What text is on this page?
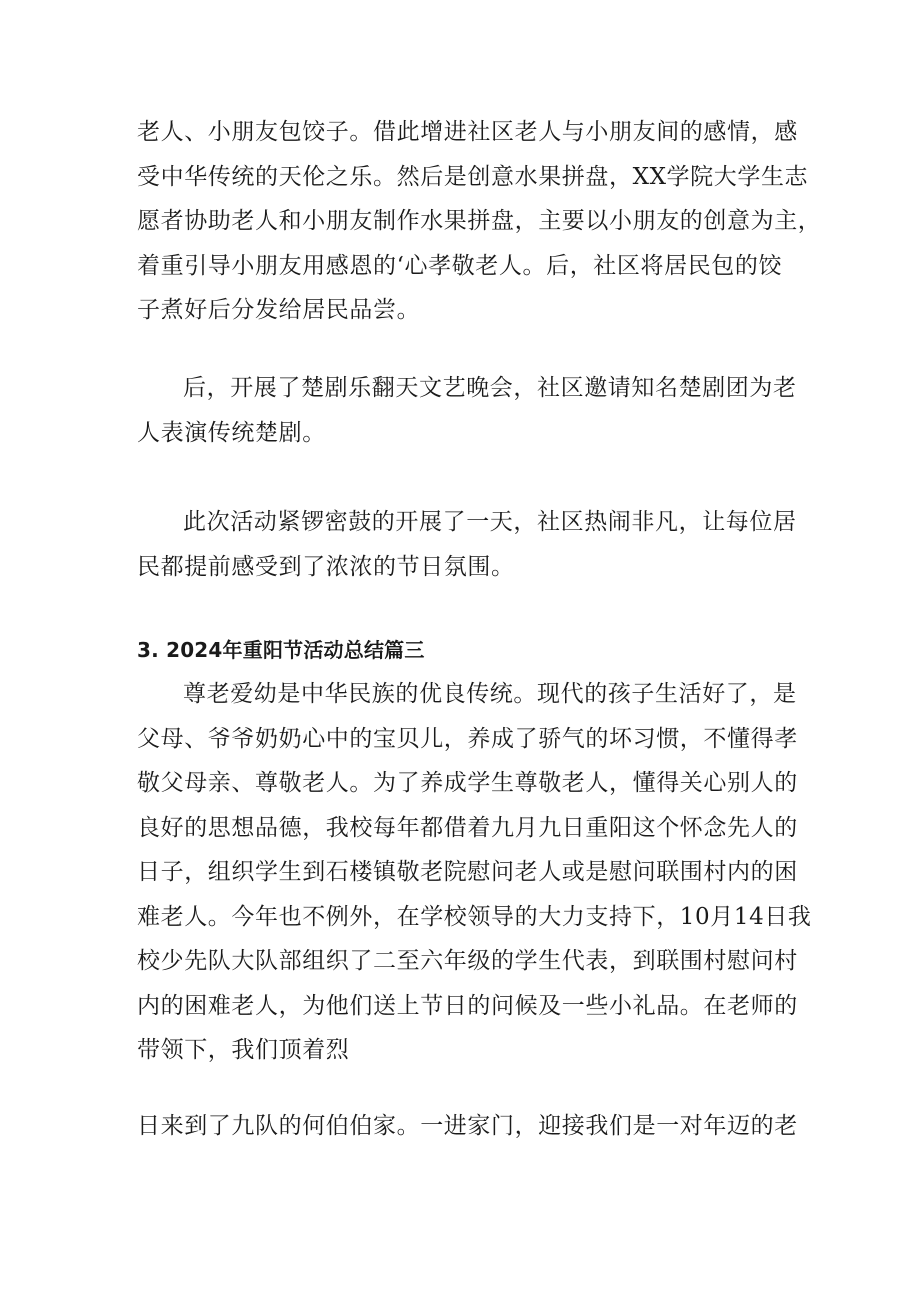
老人、小朋友包饺子。借此增进社区老人与小朋友间的感情，感
受中华传统的天伦之乐。然后是创意水果拼盘，XX学院大学生志
愿者协助老人和小朋友制作水果拼盘，主要以小朋友的创意为主，
着重引导小朋友用感恩的‘心孝敬老人。后，社区将居民包的饺
子煮好后分发给居民品尝。

后，开展了楚剧乐翻天文艺晚会，社区邀请知名楚剧团为老
人表演传统楚剧。

此次活动紧锣密鼓的开展了一天，社区热闹非凡，让每位居
民都提前感受到了浓浓的节日氛围。

3. 2024年重阳节活动总结篇三

尊老爱幼是中华民族的优良传统。现代的孩子生活好了，是
父母、爷爷奶奶心中的宝贝儿，养成了骄气的坏习惯，不懂得孝
敬父母亲、尊敬老人。为了养成学生尊敬老人，懂得关心别人的
良好的思想品德，我校每年都借着九月九日重阳这个怀念先人的
日子，组织学生到石楼镇敬老院慰问老人或是慰问联围村内的困
难老人。今年也不例外，在学校领导的大力支持下，10月14日我
校少先队大队部组织了二至六年级的学生代表，到联围村慰问村
内的困难老人，为他们送上节日的问候及一些小礼品。在老师的
带领下，我们顶着烈

日来到了九队的何伯伯家。一进家门，迎接我们是一对年迈的老
